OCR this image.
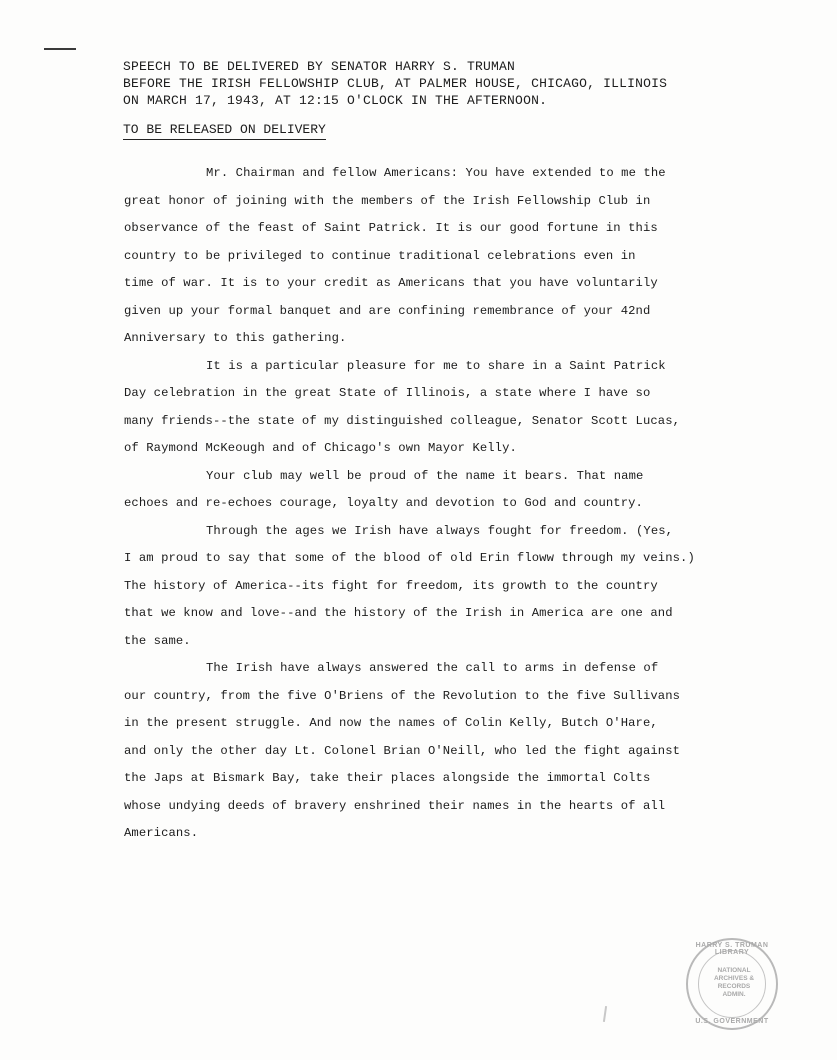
SPEECH TO BE DELIVERED BY SENATOR HARRY S. TRUMAN
BEFORE THE IRISH FELLOWSHIP CLUB, AT PALMER HOUSE, CHICAGO, ILLINOIS
ON MARCH 17, 1943, AT 12:15 O'CLOCK IN THE AFTERNOON.
TO BE RELEASED ON DELIVERY
Mr. Chairman and fellow Americans: You have extended to me the
great honor of joining with the members of the Irish Fellowship Club in
observance of the feast of Saint Patrick. It is our good fortune in this
country to be privileged to continue traditional celebrations even in
time of war. It is to your credit as Americans that you have voluntarily
given up your formal banquet and are confining remembrance of your 42nd
Anniversary to this gathering.
It is a particular pleasure for me to share in a Saint Patrick
Day celebration in the great State of Illinois, a state where I have so
many friends--the state of my distinguished colleague, Senator Scott Lucas,
of Raymond McKeough and of Chicago's own Mayor Kelly.
Your club may well be proud of the name it bears. That name
echoes and re-echoes courage, loyalty and devotion to God and country.
Through the ages we Irish have always fought for freedom. (Yes,
I am proud to say that some of the blood of old Erin floww through my veins.)
The history of America--its fight for freedom, its growth to the country
that we know and love--and the history of the Irish in America are one and
the same.
The Irish have always answered the call to arms in defense of
our country, from the five O'Briens of the Revolution to the five Sullivans
in the present struggle. And now the names of Colin Kelly, Butch O'Hare,
and only the other day Lt. Colonel Brian O'Neill, who led the fight against
the Japs at Bismark Bay, take their places alongside the immortal Colts
whose undying deeds of bravery enshrined their names in the hearts of all
Americans.
HARRY S. TRUMAN LIBRARY
NATIONAL
ARCHIVES &
RECORDS
ADMIN.
U.S. GOVERNMENT
